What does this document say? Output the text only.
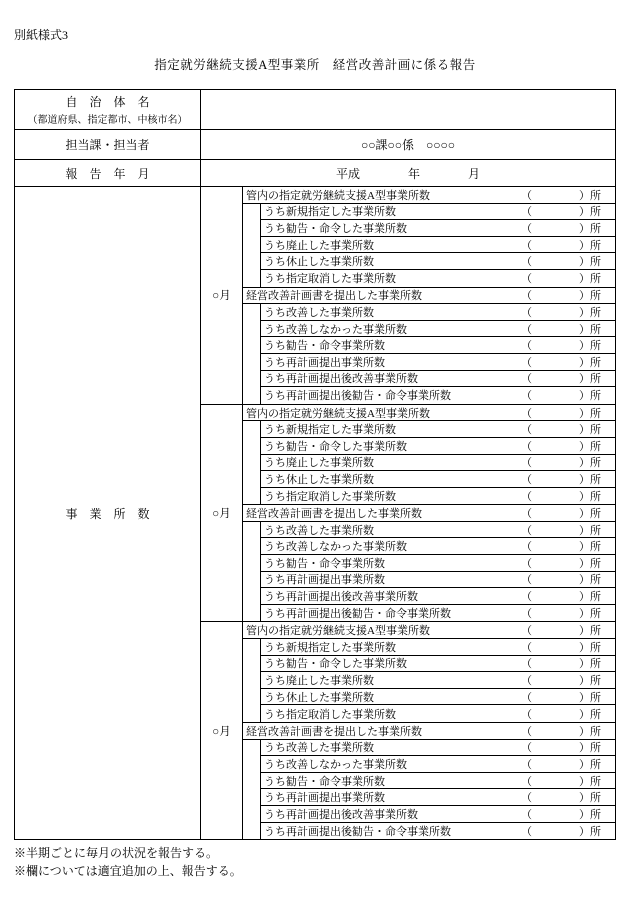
別紙様式3
指定就労継続支援A型事業所　経営改善計画に係る報告
自　治　体　名
（都道府県、指定都市、中核市名）
担当課・担当者	○○課○○係　○○○○
報　告　年　月	平成　　　　年　　　　月
事　業　所　数
○月
管内の指定就労継続支援A型事業所数	（	）所
うち新規指定した事業所数	（	）所
うち勧告・命令した事業所数	（	）所
うち廃止した事業所数	（	）所
うち休止した事業所数	（	）所
うち指定取消した事業所数	（	）所
経営改善計画書を提出した事業所数	（	）所
うち改善した事業所数	（	）所
うち改善しなかった事業所数	（	）所
うち勧告・命令事業所数	（	）所
うち再計画提出事業所数	（	）所
うち再計画提出後改善事業所数	（	）所
うち再計画提出後勧告・命令事業所数	（	）所
○月
管内の指定就労継続支援A型事業所数	（	）所
うち新規指定した事業所数	（	）所
うち勧告・命令した事業所数	（	）所
うち廃止した事業所数	（	）所
うち休止した事業所数	（	）所
うち指定取消した事業所数	（	）所
経営改善計画書を提出した事業所数	（	）所
うち改善した事業所数	（	）所
うち改善しなかった事業所数	（	）所
うち勧告・命令事業所数	（	）所
うち再計画提出事業所数	（	）所
うち再計画提出後改善事業所数	（	）所
うち再計画提出後勧告・命令事業所数	（	）所
○月
管内の指定就労継続支援A型事業所数	（	）所
うち新規指定した事業所数	（	）所
うち勧告・命令した事業所数	（	）所
うち廃止した事業所数	（	）所
うち休止した事業所数	（	）所
うち指定取消した事業所数	（	）所
経営改善計画書を提出した事業所数	（	）所
うち改善した事業所数	（	）所
うち改善しなかった事業所数	（	）所
うち勧告・命令事業所数	（	）所
うち再計画提出事業所数	（	）所
うち再計画提出後改善事業所数	（	）所
うち再計画提出後勧告・命令事業所数	（	）所
※半期ごとに毎月の状況を報告する。
※欄については適宜追加の上、報告する。
